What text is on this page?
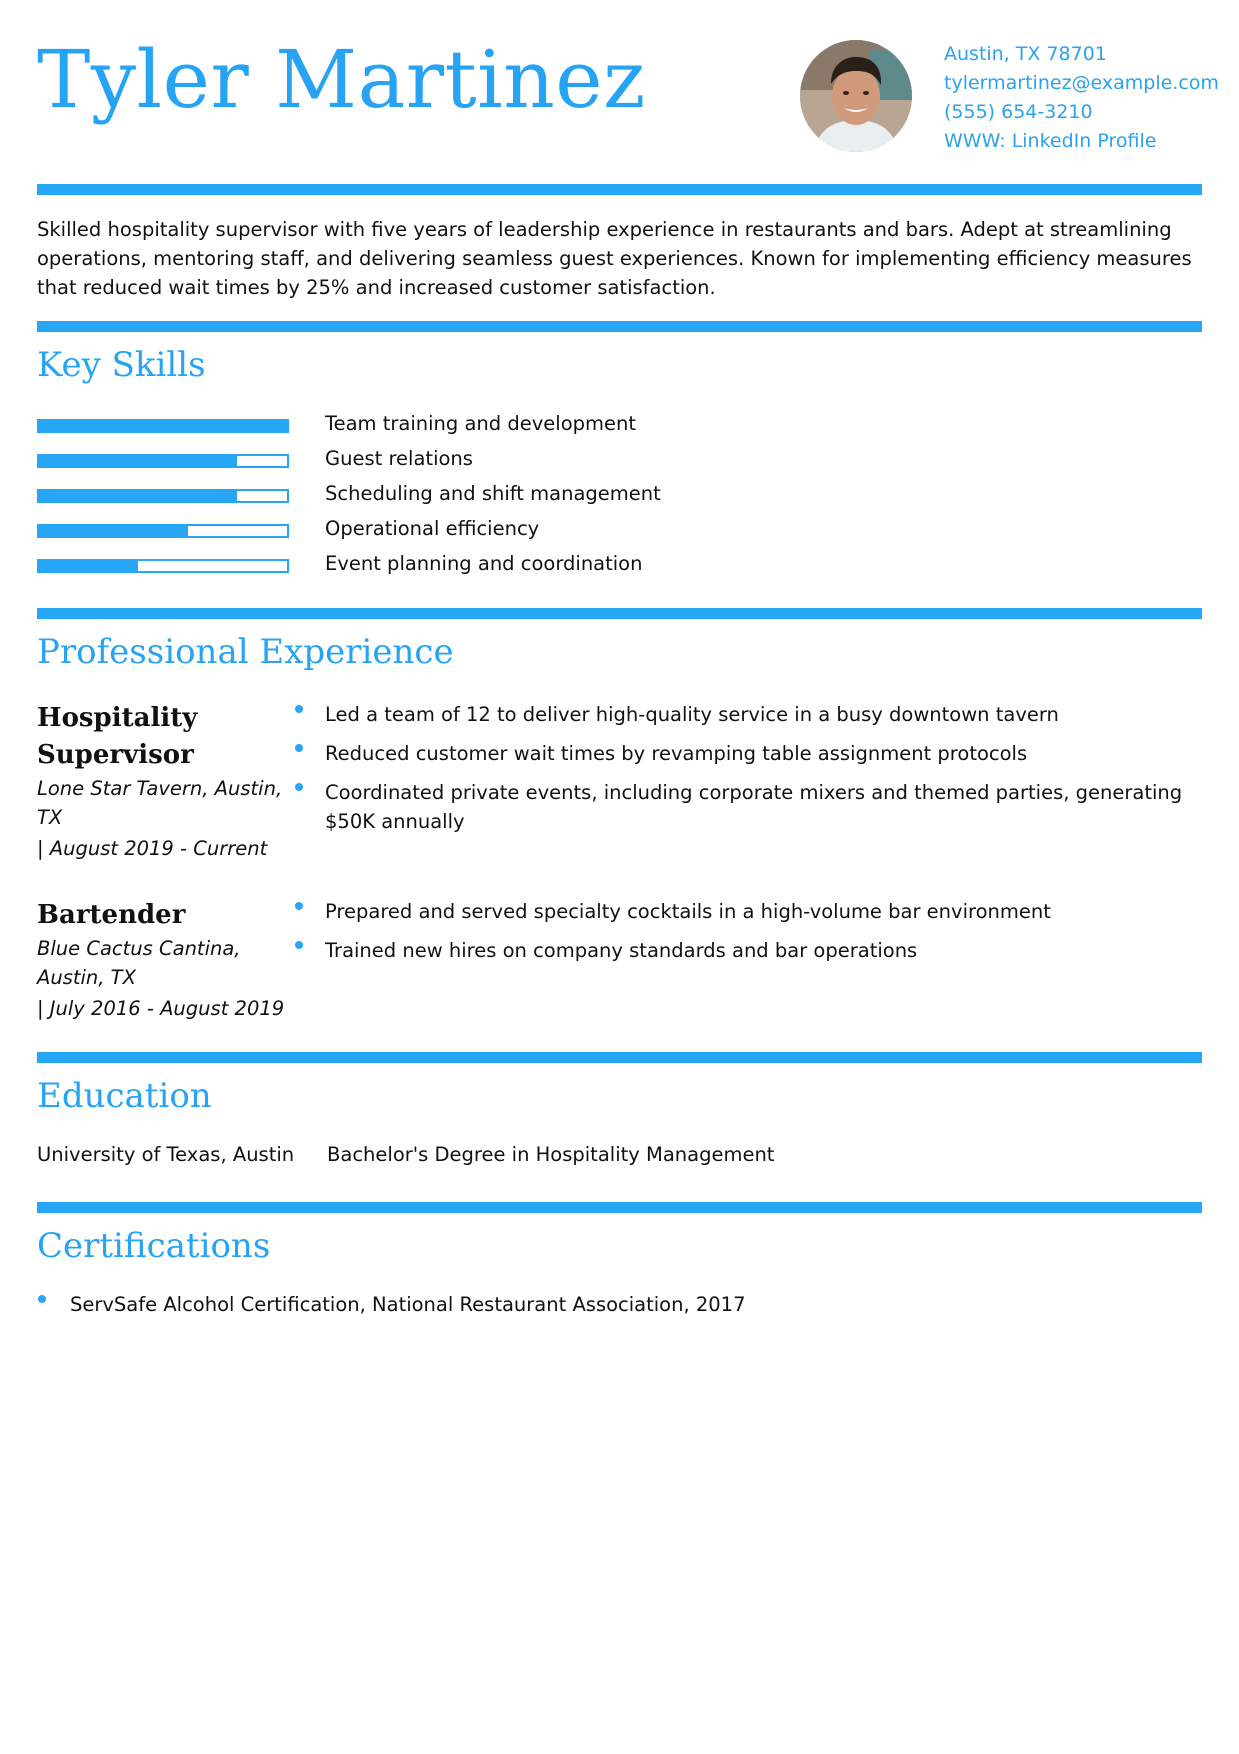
Tyler Martinez	Austin, TX 78701
tylermartinez@example.com
(555) 654-3210
WWW: LinkedIn Profile

Skilled hospitality supervisor with five years of leadership experience in restaurants and bars. Adept at streamlining operations, mentoring staff, and delivering seamless guest experiences. Known for implementing efficiency measures that reduced wait times by 25% and increased customer satisfaction.

Key Skills
Team training and development
Guest relations
Scheduling and shift management
Operational efficiency
Event planning and coordination
Professional Experience
Hospitality Supervisor
Lone Star Tavern, Austin, TX
| August 2019 - Current
Led a team of 12 to deliver high-quality service in a busy downtown tavern
Reduced customer wait times by revamping table assignment protocols
Coordinated private events, including corporate mixers and themed parties, generating $50K annually
Bartender
Blue Cactus Cantina, Austin, TX
| July 2016 - August 2019
Prepared and served specialty cocktails in a high-volume bar environment
Trained new hires on company standards and bar operations
Education
University of Texas, Austin Bachelor's Degree in Hospitality Management
Certifications
ServSafe Alcohol Certification, National Restaurant Association, 2017
